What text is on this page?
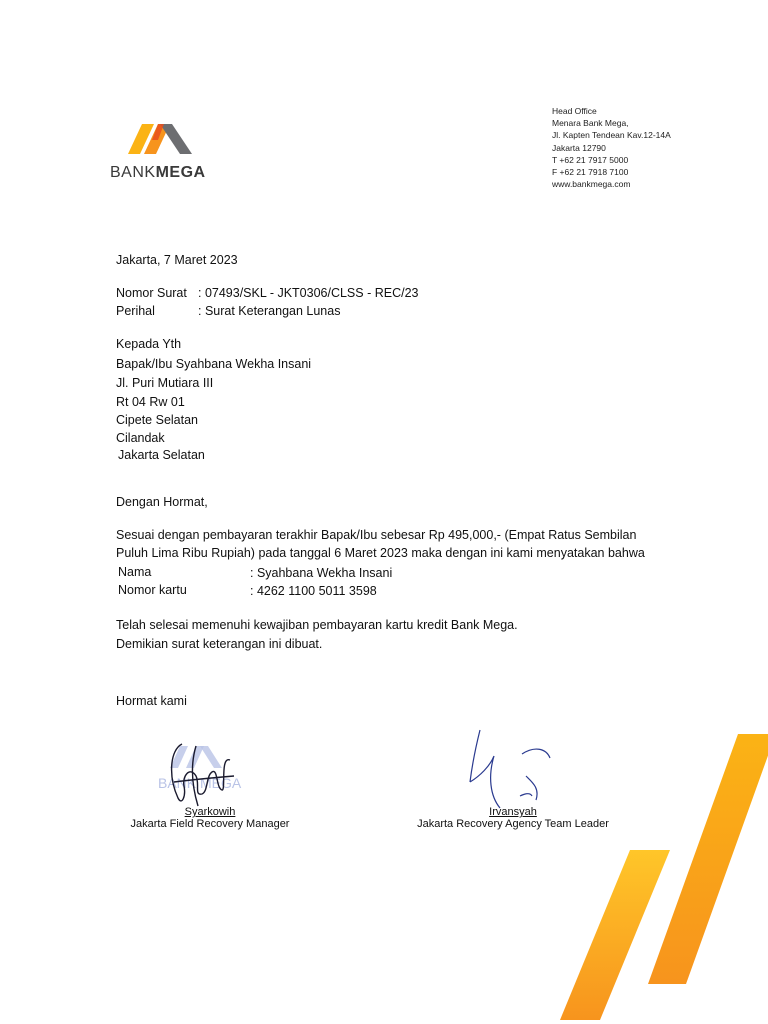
BANKMEGA
Head Office
Menara Bank Mega,
Jl. Kapten Tendean Kav.12-14A
Jakarta 12790
T +62 21 7917 5000
F +62 21 7918 7100
www.bankmega.com
Jakarta, 7 Maret 2023
Nomor Surat : 07493/SKL - JKT0306/CLSS - REC/23
Perihal	: Surat Keterangan Lunas
Kepada Yth
Bapak/Ibu Syahbana Wekha Insani
Jl. Puri Mutiara III
Rt 04 Rw 01
Cipete Selatan
Cilandak
Jakarta Selatan
Dengan Hormat,
Sesuai dengan pembayaran terakhir Bapak/Ibu sebesar Rp 495,000,- (Empat Ratus Sembilan
Puluh Lima Ribu Rupiah) pada tanggal 6 Maret 2023 maka dengan ini kami menyatakan bahwa
Nama	: Syahbana Wekha Insani
Nomor kartu	: 4262 1100 5011 3598
Telah selesai memenuhi kewajiban pembayaran kartu kredit Bank Mega.
Demikian surat keterangan ini dibuat.
Hormat kami
BANK MEGA
Syarkowih
Jakarta Field Recovery Manager
Irvansyah
Jakarta Recovery Agency Team Leader
